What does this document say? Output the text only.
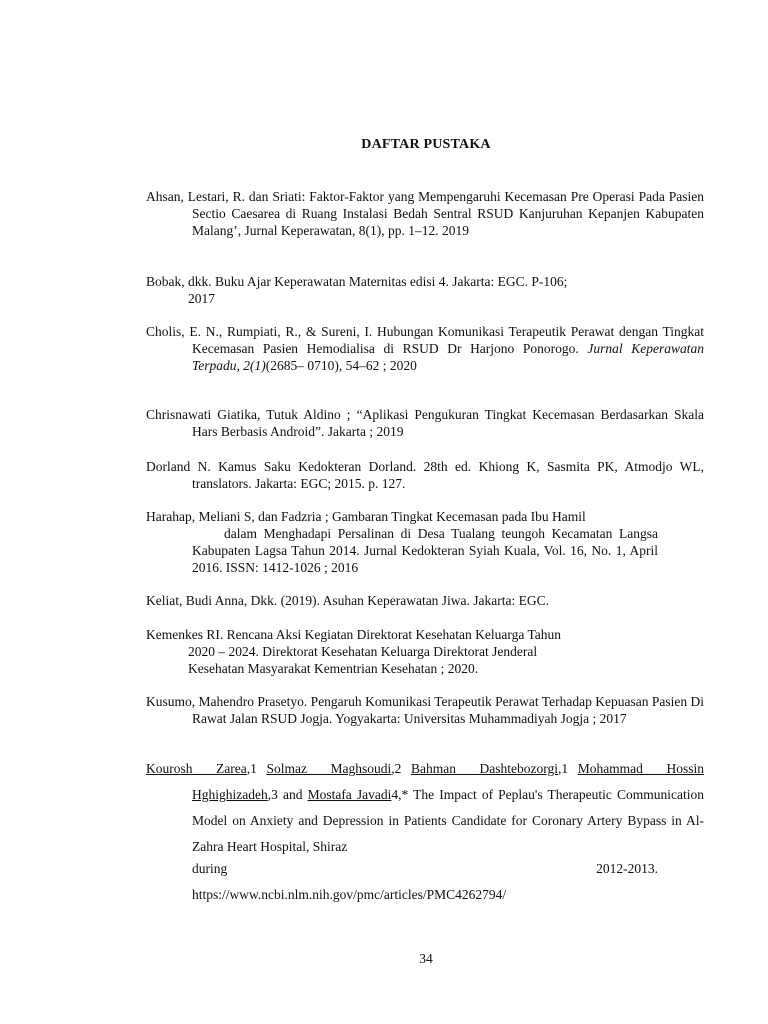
DAFTAR PUSTAKA
Ahsan, Lestari, R. dan Sriati: Faktor-Faktor yang Mempengaruhi Kecemasan Pre Operasi Pada Pasien Sectio Caesarea di Ruang Instalasi Bedah Sentral RSUD Kanjuruhan Kepanjen Kabupaten Malang’, Jurnal Keperawatan, 8(1), pp. 1–12. 2019
Bobak, dkk. Buku Ajar Keperawatan Maternitas edisi 4. Jakarta: EGC. P-106;
2017
Cholis, E. N., Rumpiati, R., & Sureni, I. Hubungan Komunikasi Terapeutik Perawat dengan Tingkat Kecemasan Pasien Hemodialisa di RSUD Dr Harjono Ponorogo. Jurnal Keperawatan Terpadu, 2(1)(2685– 0710), 54–62 ; 2020
Chrisnawati Giatika, Tutuk Aldino ; “Aplikasi Pengukuran Tingkat Kecemasan Berdasarkan Skala Hars Berbasis Android”. Jakarta ; 2019
Dorland N. Kamus Saku Kedokteran Dorland. 28th ed. Khiong K, Sasmita PK, Atmodjo WL, translators. Jakarta: EGC; 2015. p. 127.
Harahap, Meliani S, dan Fadzria ; Gambaran Tingkat Kecemasan pada Ibu Hamil
dalam Menghadapi Persalinan di Desa Tualang teungoh Kecamatan Langsa Kabupaten Lagsa Tahun 2014. Jurnal Kedokteran Syiah Kuala, Vol. 16, No. 1, April 2016. ISSN: 1412-1026 ; 2016
Keliat, Budi Anna, Dkk. (2019). Asuhan Keperawatan Jiwa. Jakarta: EGC.
Kemenkes RI. Rencana Aksi Kegiatan Direktorat Kesehatan Keluarga Tahun
2020 – 2024. Direktorat Kesehatan Keluarga Direktorat Jenderal
Kesehatan Masyarakat Kementrian Kesehatan ; 2020.
Kusumo, Mahendro Prasetyo. Pengaruh Komunikasi Terapeutik Perawat Terhadap Kepuasan Pasien Di Rawat Jalan RSUD Jogja. Yogyakarta: Universitas Muhammadiyah Jogja ; 2017
Kourosh Zarea,1 Solmaz Maghsoudi,2 Bahman Dashtebozorgi,1 Mohammad Hossin Hghighizadeh,3 and Mostafa Javadi4,* The Impact of Peplau's Therapeutic Communication Model on Anxiety and Depression in Patients Candidate for Coronary Artery Bypass in Al-Zahra Heart Hospital, Shiraz
during	2012-2013.
https://www.ncbi.nlm.nih.gov/pmc/articles/PMC4262794/
34
